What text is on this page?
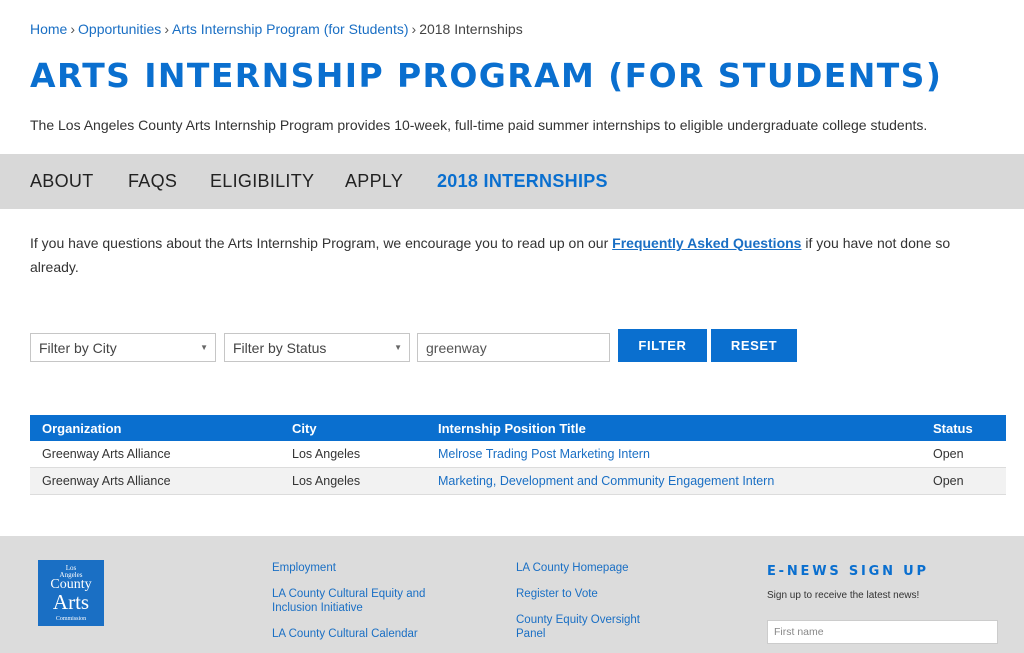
Home › Opportunities › Arts Internship Program (for Students) › 2018 Internships
ARTS INTERNSHIP PROGRAM (FOR STUDENTS)

The Los Angeles County Arts Internship Program provides 10-week, full-time paid summer internships to eligible undergraduate college students.

ABOUT FAQS ELIGIBILITY APPLY 2018 INTERNSHIPS

If you have questions about the Arts Internship Program, we encourage you to read up on our Frequently Asked Questions if you have not done so already.

Filter by City	▼	Filter by Status	▼	greenway	FILTER	RESET
Organization	City	Internship Position Title	Status
Greenway Arts Alliance	Los Angeles	Melrose Trading Post Marketing Intern	Open
Greenway Arts Alliance	Los Angeles	Marketing, Development and Community Engagement Intern	Open
Los
Angeles
County
Arts
Commission
Employment
LA County Cultural Equity and Inclusion Initiative
LA County Cultural Calendar
LA County Homepage
Register to Vote
County Equity Oversight Panel
E-NEWS SIGN UP
Sign up to receive the latest news!
First name
